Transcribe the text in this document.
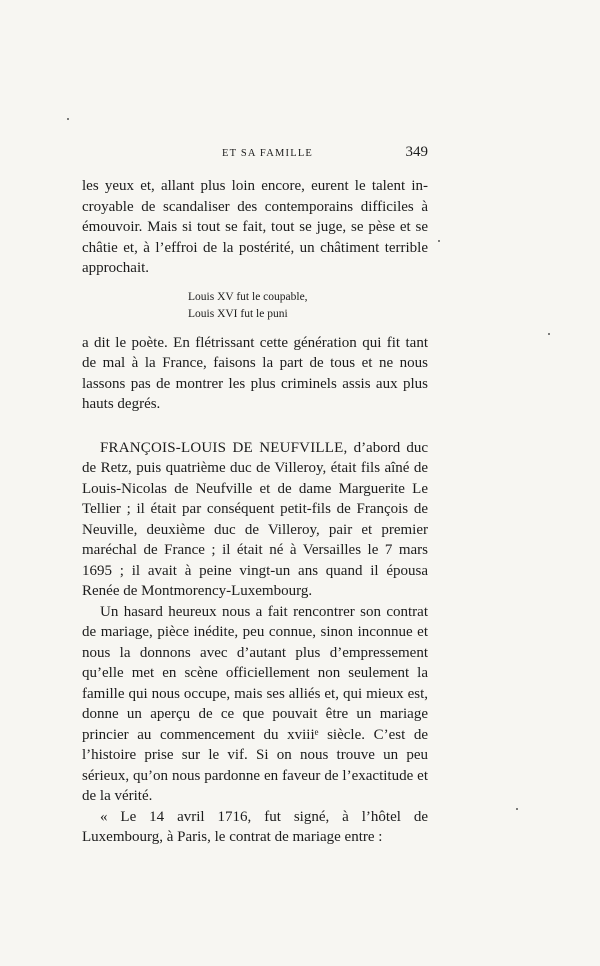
ET SA FAMILLE	349

les yeux et, allant plus loin encore, eurent le talent incroyable de scandaliser des contemporains difficiles à émouvoir. Mais si tout se fait, tout se juge, se pèse et se châtie et, à l’effroi de la postérité, un châtiment terrible approchait.

Louis XV fut le coupable,
Louis XVI fut le puni

a dit le poète. En flétrissant cette génération qui fit tant de mal à la France, faisons la part de tous et ne nous lassons pas de montrer les plus criminels assis aux plus hauts degrés.

FRANÇOIS-LOUIS DE NEUFVILLE, d’abord duc de Retz, puis quatrième duc de Villeroy, était fils aîné de Louis-Nicolas de Neufville et de dame Marguerite Le Tellier ; il était par conséquent petit-fils de François de Neuville, deuxième duc de Villeroy, pair et premier maréchal de France ; il était né à Versailles le 7 mars 1695 ; il avait à peine vingt-un ans quand il épousa Renée de Montmorency-Luxembourg.

Un hasard heureux nous a fait rencontrer son contrat de mariage, pièce inédite, peu connue, sinon inconnue et nous la donnons avec d’autant plus d’empressement qu’elle met en scène officiellement non seulement la famille qui nous occupe, mais ses alliés et, qui mieux est, donne un aperçu de ce que pouvait être un mariage princier au commencement du xviiiᵉ siècle. C’est de l’histoire prise sur le vif. Si on nous trouve un peu sérieux, qu’on nous pardonne en faveur de l’exactitude et de la vérité.

« Le 14 avril 1716, fut signé, à l’hôtel de Luxembourg, à Paris, le contrat de mariage entre :
